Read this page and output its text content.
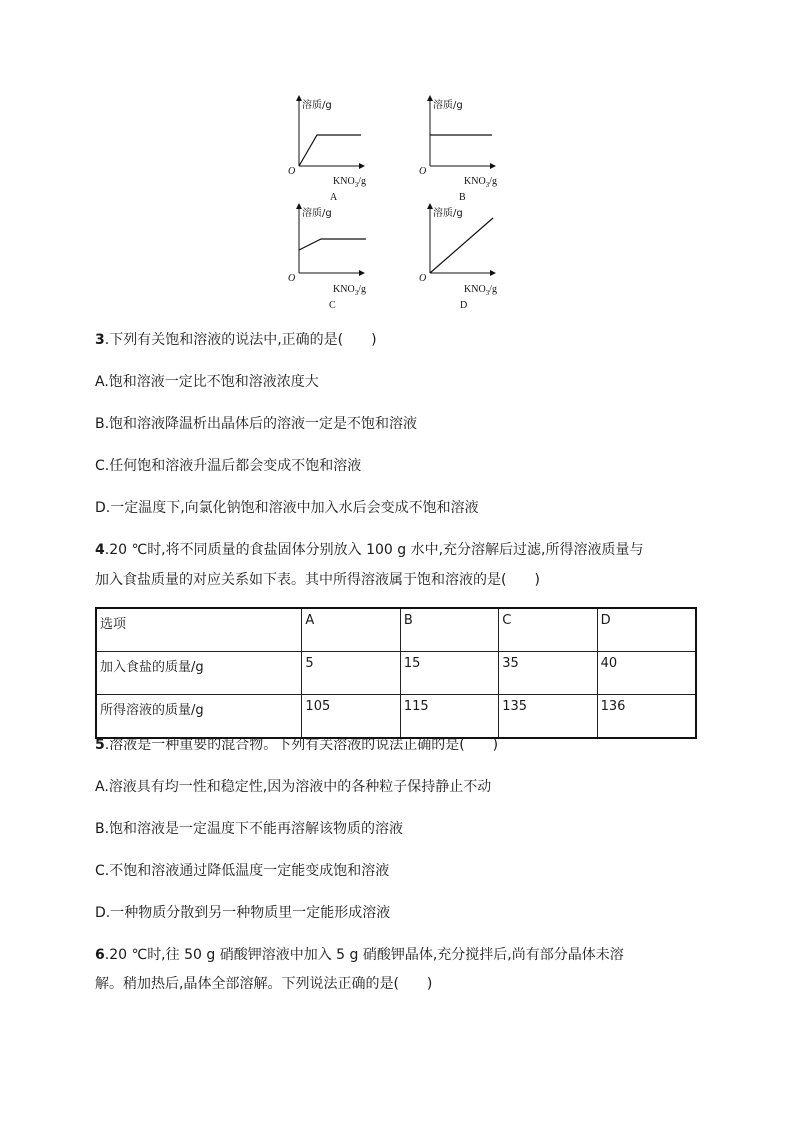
溶质/g
O
$KNO_3/g$
A
溶质/g
O
$KNO_3/g$
B
溶质/g
O
$KNO_3/g$
C
溶质/g
O
$KNO_3/g$
D
3.下列有关饱和溶液的说法中,正确的是(　　)
A.饱和溶液一定比不饱和溶液浓度大
B.饱和溶液降温析出晶体后的溶液一定是不饱和溶液
C.任何饱和溶液升温后都会变成不饱和溶液
D.一定温度下,向氯化钠饱和溶液中加入水后会变成不饱和溶液
4.20 ℃时,将不同质量的食盐固体分别放入 100 g 水中,充分溶解后过滤,所得溶液质量与
加入食盐质量的对应关系如下表。其中所得溶液属于饱和溶液的是(　　)
选项	A	B	C	D
加入食盐的质量/g	5	15	35	40
所得溶液的质量/g	105	115	135	136
5.溶液是一种重要的混合物。下列有关溶液的说法正确的是(　　)
A.溶液具有均一性和稳定性,因为溶液中的各种粒子保持静止不动
B.饱和溶液是一定温度下不能再溶解该物质的溶液
C.不饱和溶液通过降低温度一定能变成饱和溶液
D.一种物质分散到另一种物质里一定能形成溶液
6.20 ℃时,往 50 g 硝酸钾溶液中加入 5 g 硝酸钾晶体,充分搅拌后,尚有部分晶体未溶
解。稍加热后,晶体全部溶解。下列说法正确的是(　　)
